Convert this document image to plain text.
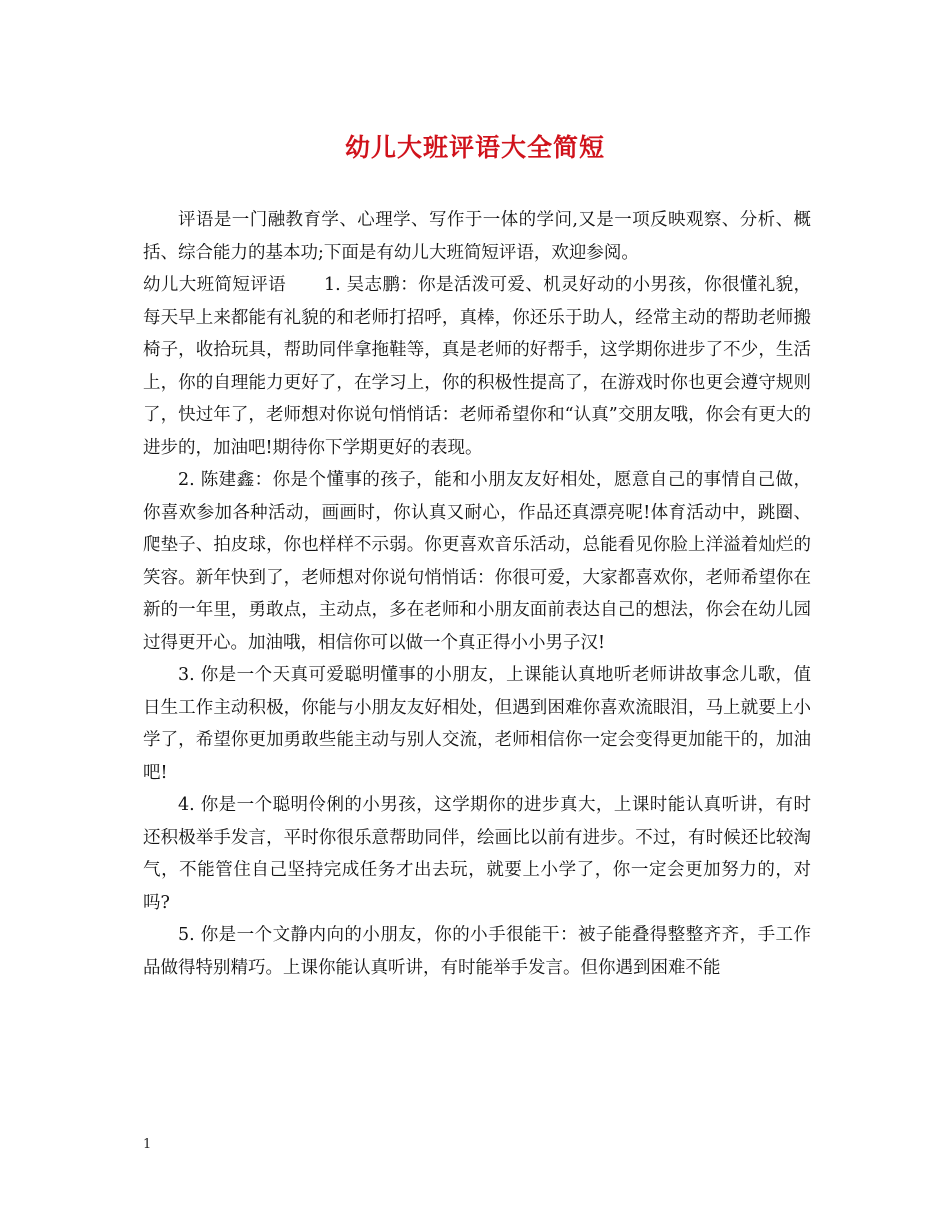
幼儿大班评语大全简短

评语是一门融教育学、心理学、写作于一体的学问,又是一项反映观察、分析、概括、综合能力的基本功;下面是有幼儿大班简短评语，欢迎参阅。

幼儿大班简短评语 1. 吴志鹏：你是活泼可爱、机灵好动的小男孩，你很懂礼貌，每天早上来都能有礼貌的和老师打招呼，真棒，你还乐于助人，经常主动的帮助老师搬椅子，收拾玩具，帮助同伴拿拖鞋等，真是老师的好帮手，这学期你进步了不少，生活上，你的自理能力更好了，在学习上，你的积极性提高了，在游戏时你也更会遵守规则了，快过年了，老师想对你说句悄悄话：老师希望你和“认真”交朋友哦，你会有更大的进步的，加油吧!期待你下学期更好的表现。

2. 陈建鑫：你是个懂事的孩子，能和小朋友友好相处，愿意自己的事情自己做，你喜欢参加各种活动，画画时，你认真又耐心，作品还真漂亮呢!体育活动中，跳圈、爬垫子、拍皮球，你也样样不示弱。你更喜欢音乐活动，总能看见你脸上洋溢着灿烂的笑容。新年快到了，老师想对你说句悄悄话：你很可爱，大家都喜欢你，老师希望你在新的一年里，勇敢点，主动点，多在老师和小朋友面前表达自己的想法，你会在幼儿园过得更开心。加油哦，相信你可以做一个真正得小小男子汉!

3. 你是一个天真可爱聪明懂事的小朋友，上课能认真地听老师讲故事念儿歌，值日生工作主动积极，你能与小朋友友好相处，但遇到困难你喜欢流眼泪，马上就要上小学了，希望你更加勇敢些能主动与别人交流，老师相信你一定会变得更加能干的，加油吧!

4. 你是一个聪明伶俐的小男孩，这学期你的进步真大，上课时能认真听讲，有时还积极举手发言，平时你很乐意帮助同伴，绘画比以前有进步。不过，有时候还比较淘气，不能管住自己坚持完成任务才出去玩，就要上小学了，你一定会更加努力的，对吗?

5. 你是一个文静内向的小朋友，你的小手很能干：被子能叠得整整齐齐，手工作品做得特别精巧。上课你能认真听讲，有时能举手发言。但你遇到困难不能

1
